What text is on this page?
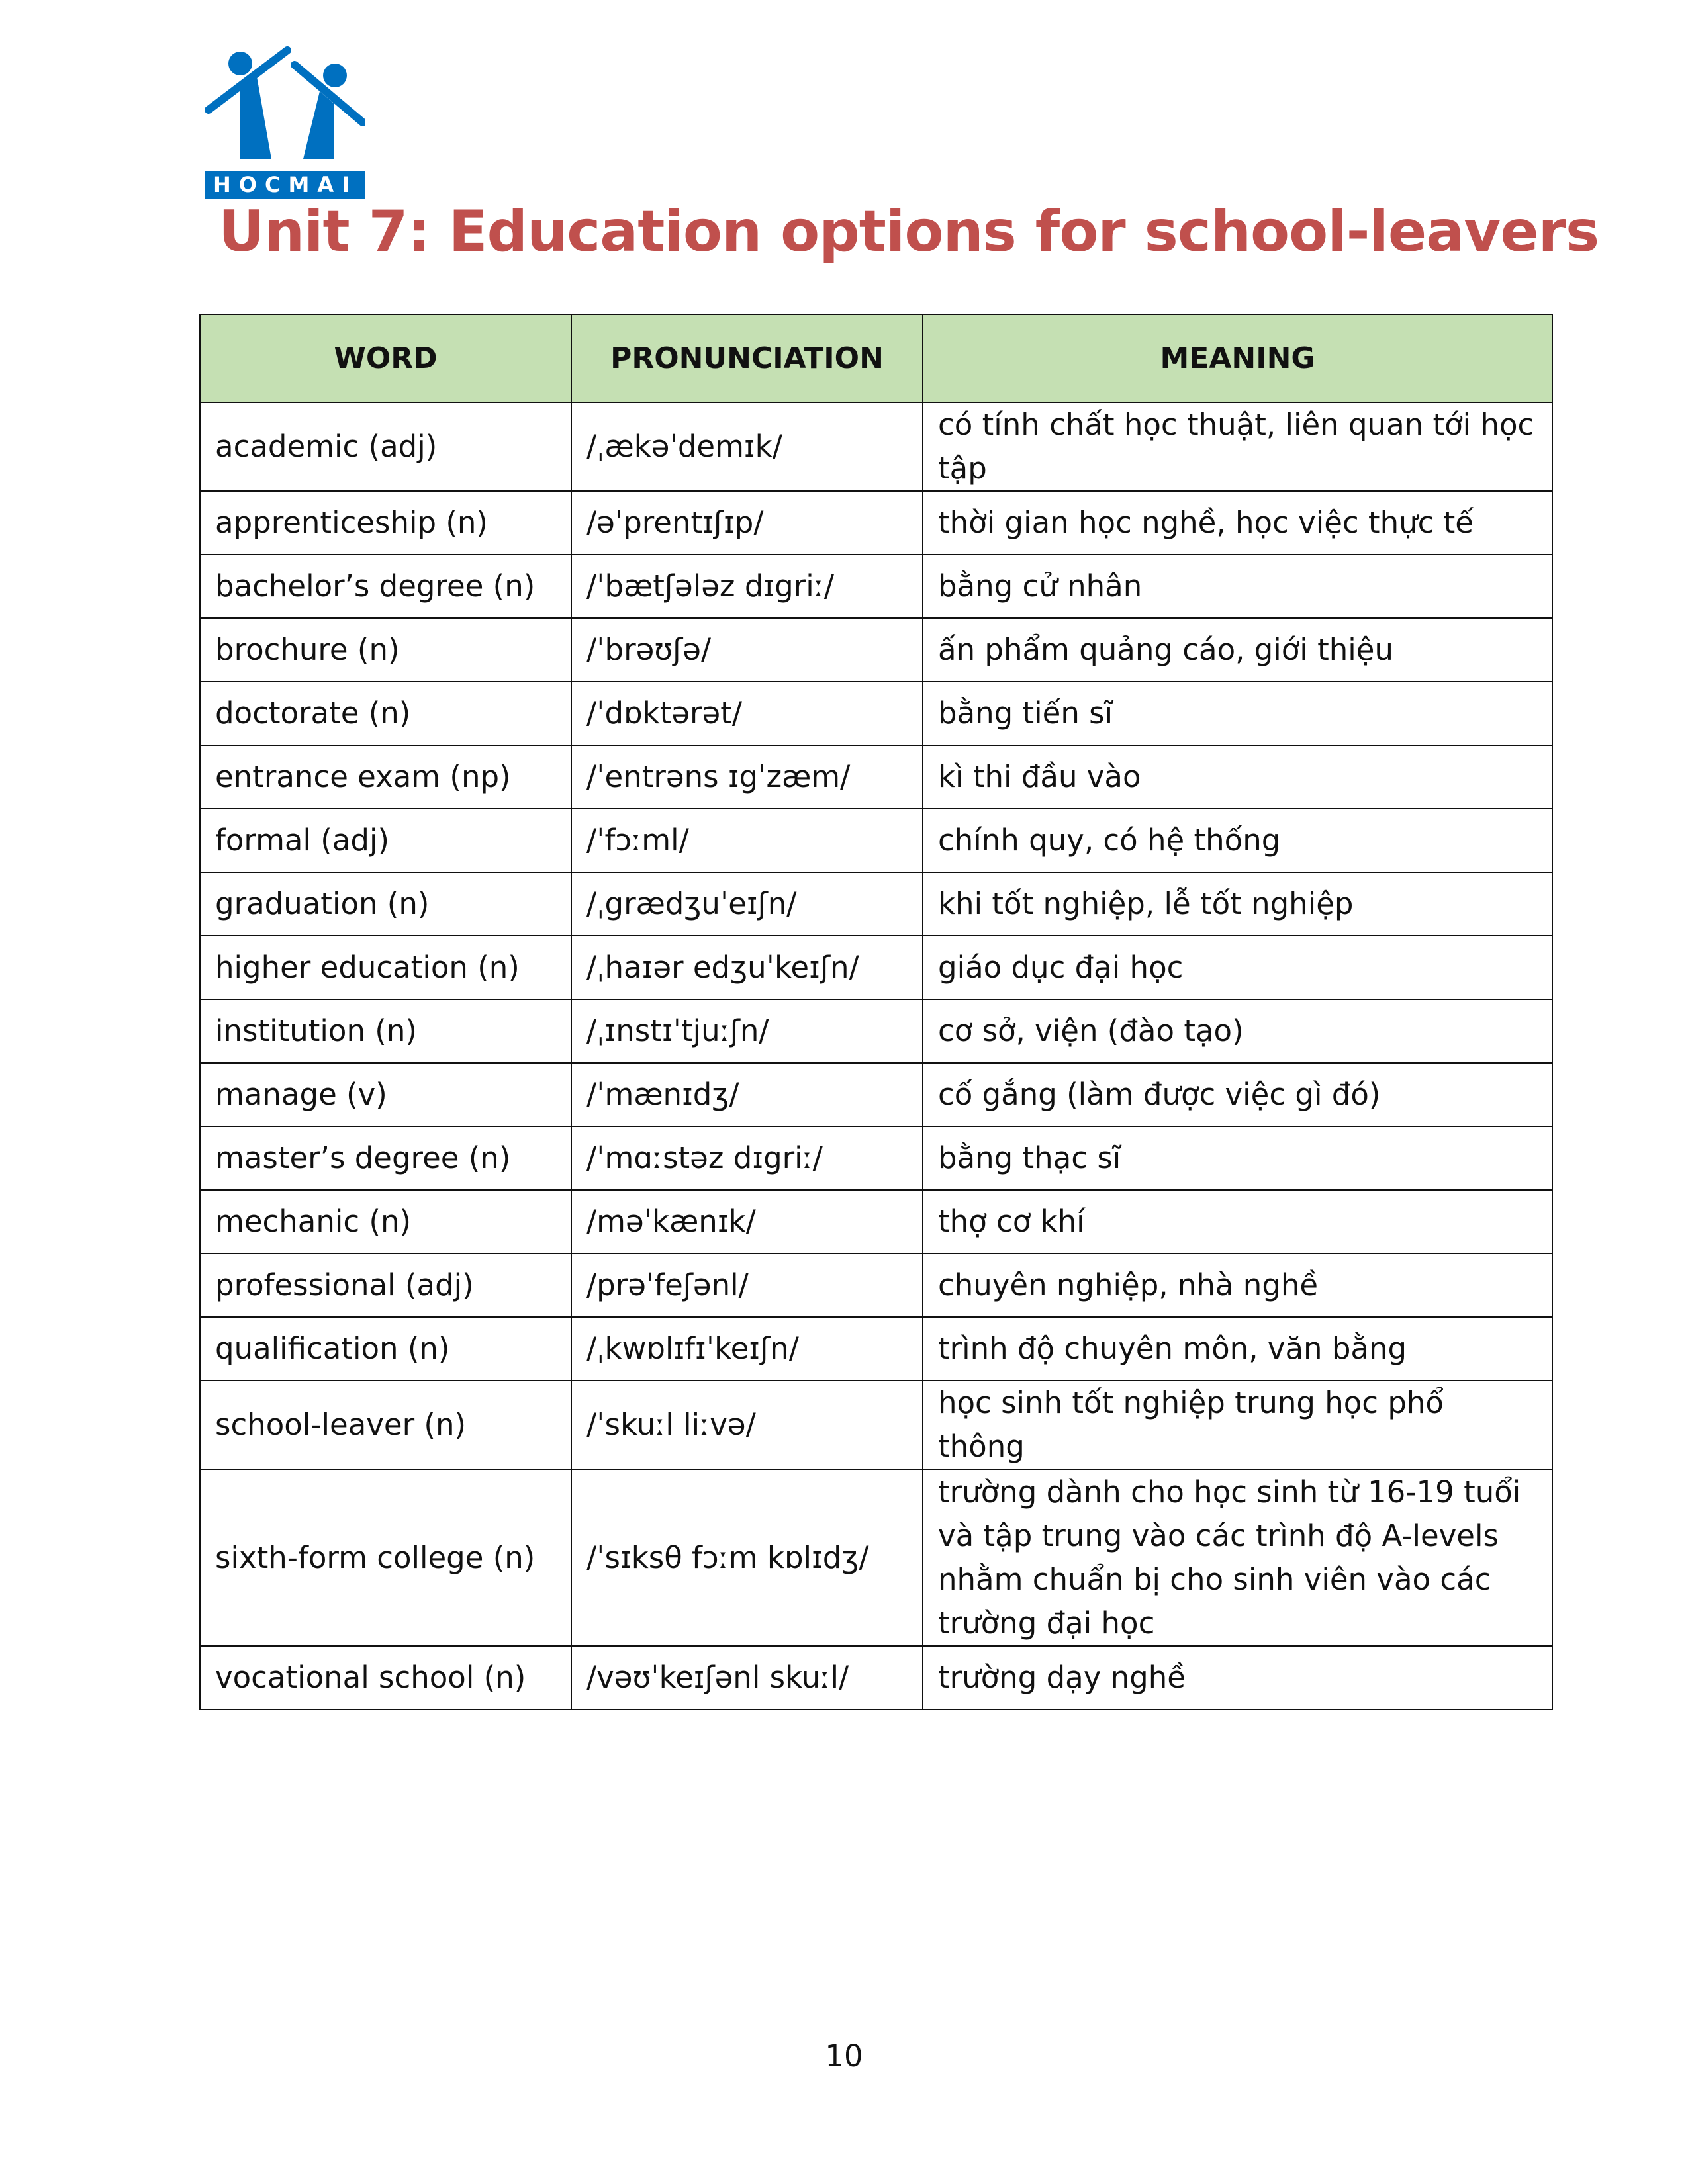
HOCMAI
Unit 7: Education options for school-leavers
WORD	PRONUNCIATION	MEANING
academic (adj)	/ˌækəˈdemɪk/	có tính chất học thuật, liên quan tới học tập
apprenticeship (n)	/əˈprentɪʃɪp/	thời gian học nghề, học việc thực tế
bachelor’s degree (n)	/ˈbætʃələz dɪgriː/	bằng cử nhân
brochure (n)	/ˈbrəʊʃə/	ấn phẩm quảng cáo, giới thiệu
doctorate (n)	/ˈdɒktərət/	bằng tiến sĩ
entrance exam (np)	/ˈentrəns ɪgˈzæm/	kì thi đầu vào
formal (adj)	/ˈfɔːml/	chính quy, có hệ thống
graduation (n)	/ˌgrædʒuˈeɪʃn/	khi tốt nghiệp, lễ tốt nghiệp
higher education (n)	/ˌhaɪər edʒuˈkeɪʃn/	giáo dục đại học
institution (n)	/ˌɪnstɪˈtjuːʃn/	cơ sở, viện (đào tạo)
manage (v)	/ˈmænɪdʒ/	cố gắng (làm được việc gì đó)
master’s degree (n)	/ˈmɑːstəz dɪgriː/	bằng thạc sĩ
mechanic (n)	/məˈkænɪk/	thợ cơ khí
professional (adj)	/prəˈfeʃənl/	chuyên nghiệp, nhà nghề
qualification (n)	/ˌkwɒlɪfɪˈkeɪʃn/	trình độ chuyên môn, văn bằng
school-leaver (n)	/ˈskuːl liːvə/	học sinh tốt nghiệp trung học phổ thông
sixth-form college (n)	/ˈsɪksθ fɔːm kɒlɪdʒ/	trường dành cho học sinh từ 16-19 tuổi và tập trung vào các trình độ A-levels nhằm chuẩn bị cho sinh viên vào các trường đại học
vocational school (n)	/vəʊˈkeɪʃənl skuːl/	trường dạy nghề
10
